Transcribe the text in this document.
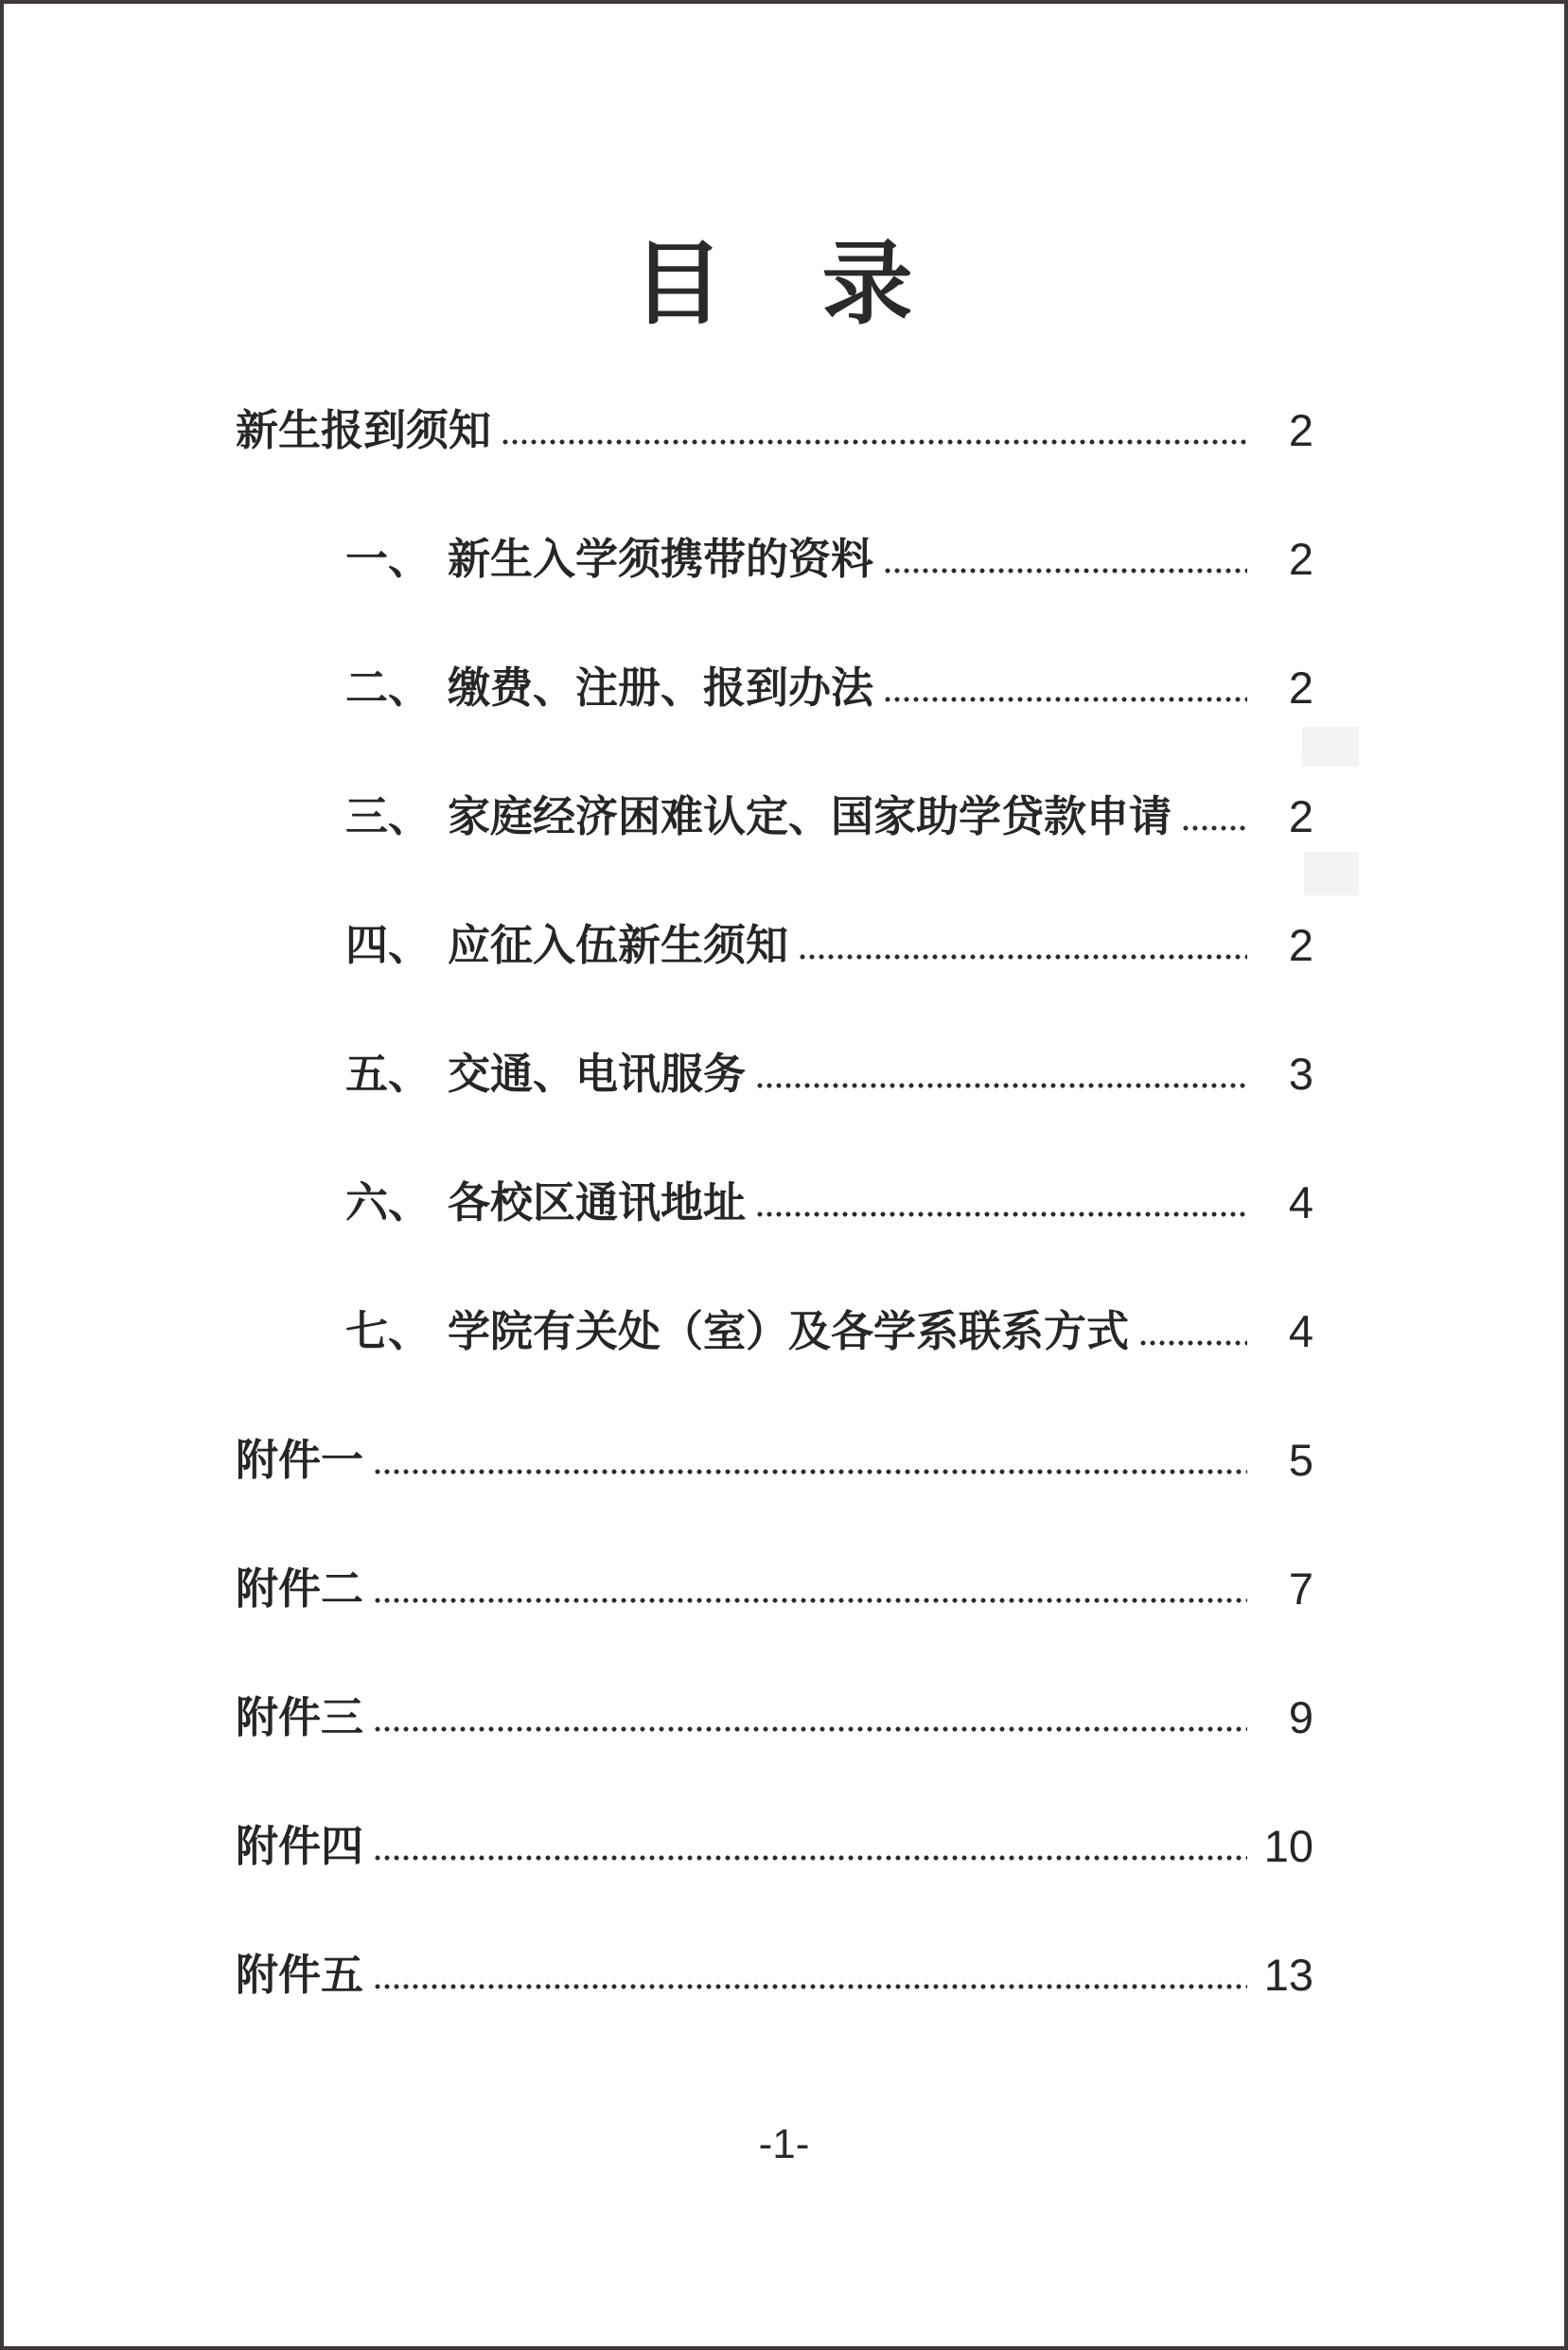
目　录
新生报到须知	2
一、 新生入学须携带的资料	2
二、 缴费、注册、报到办法	2
三、 家庭经济困难认定、国家助学贷款申请	2
四、 应征入伍新生须知	2
五、 交通、电讯服务	3
六、 各校区通讯地址	4
七、 学院有关处（室）及各学系联系方式	4
附件一	5
附件二	7
附件三	9
附件四	10
附件五	13
-1-
